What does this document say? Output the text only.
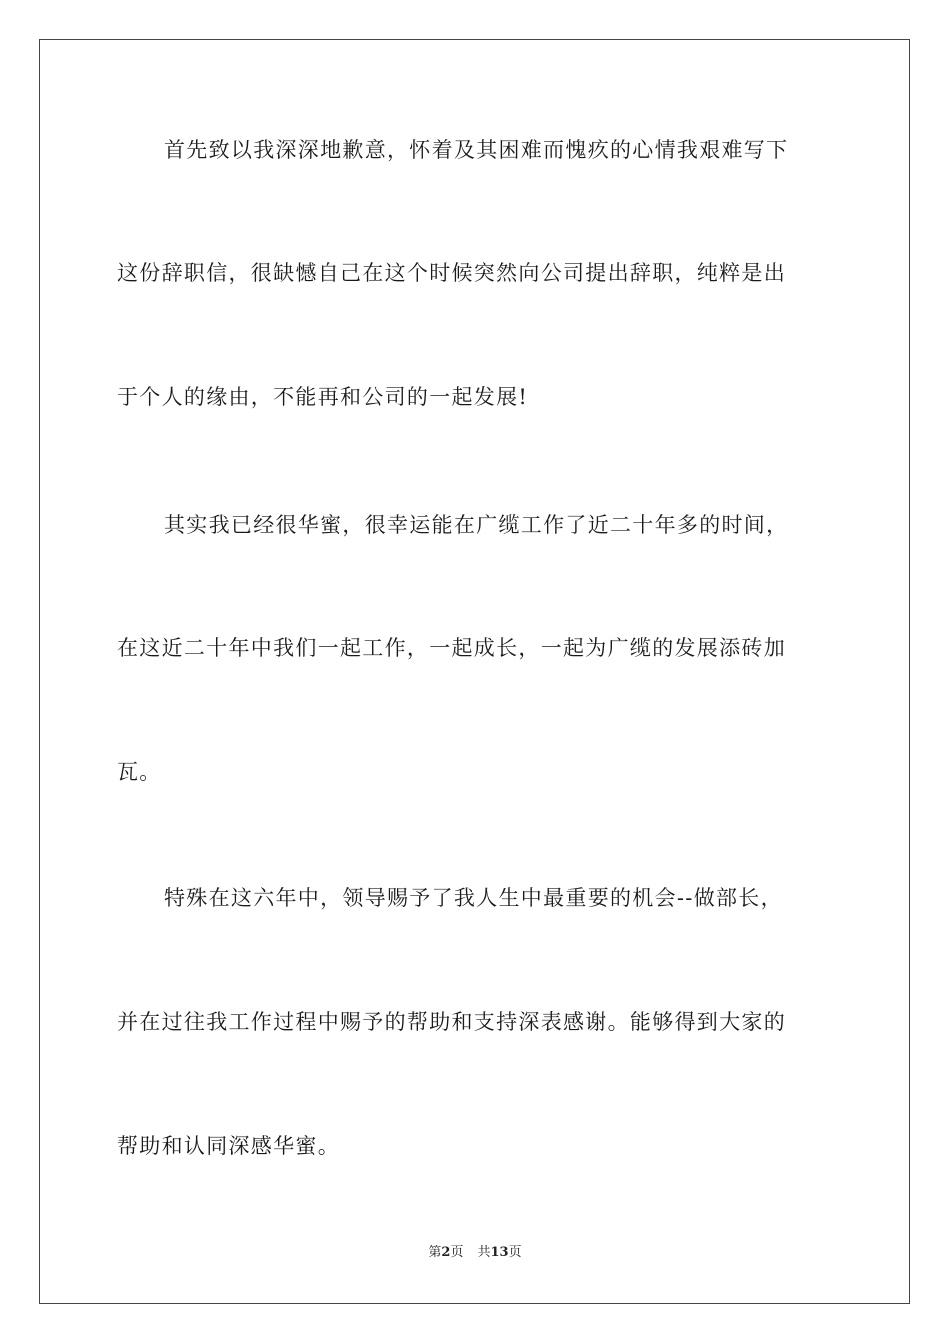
首先致以我深深地歉意，怀着及其困难而愧疚的心情我艰难写下
这份辞职信，很缺憾自己在这个时候突然向公司提出辞职，纯粹是出
于个人的缘由，不能再和公司的一起发展!
其实我已经很华蜜，很幸运能在广缆工作了近二十年多的时间，
在这近二十年中我们一起工作，一起成长，一起为广缆的发展添砖加
瓦。
特殊在这六年中，领导赐予了我人生中最重要的机会--做部长，
并在过往我工作过程中赐予的帮助和支持深表感谢。能够得到大家的
帮助和认同深感华蜜。
第2页 共13页
